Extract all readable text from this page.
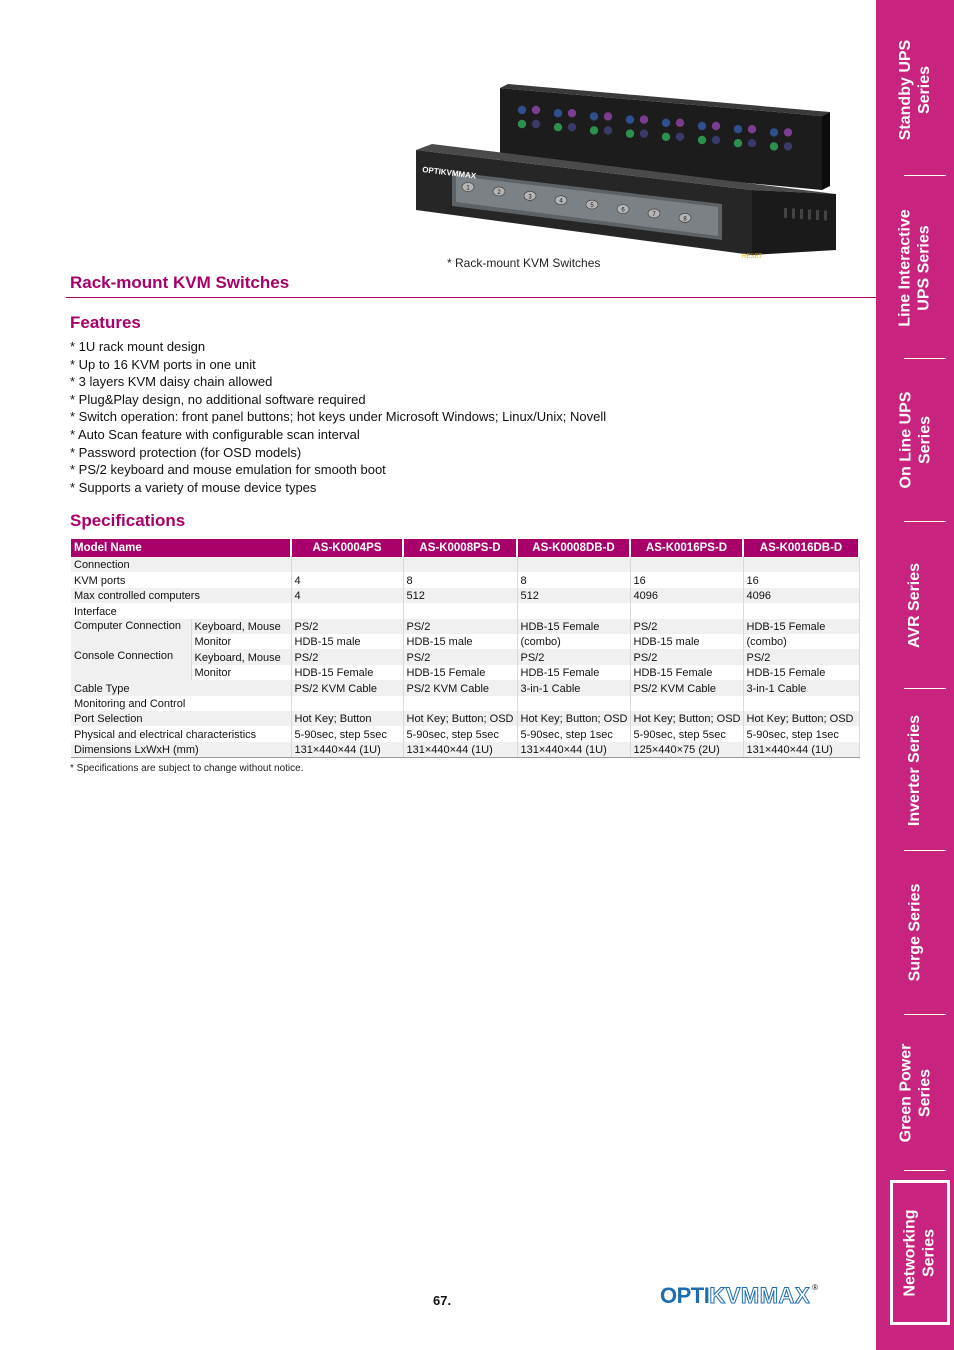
OPTIKVMMAX
1
2
3
4
5
6
7
8
RESET
* Rack-mount KVM Switches
Rack-mount KVM Switches
Features
* 1U rack mount design
* Up to 16 KVM ports in one unit
* 3 layers KVM daisy chain allowed
* Plug&Play design, no additional software required
* Switch operation: front panel buttons; hot keys under Microsoft Windows; Linux/Unix; Novell
* Auto Scan feature with configurable scan interval
* Password protection (for OSD models)
* PS/2 keyboard and mouse emulation for smooth boot
* Supports a variety of mouse device types
Specifications
Model Name		AS-K0004PS	AS-K0008PS-D	AS-K0008DB-D	AS-K0016PS-D	AS-K0016DB-D
Connection						
KVM ports		4	8	8	16	16
Max controlled computers		4	512	512	4096	4096
Interface						
Computer Connection	Keyboard, Mouse	PS/2	PS/2	HDB-15 Female	PS/2	HDB-15 Female
	Monitor	HDB-15 male	HDB-15 male	(combo)	HDB-15 male	(combo)
Console Connection	Keyboard, Mouse	PS/2	PS/2	PS/2	PS/2	PS/2
	Monitor	HDB-15 Female	HDB-15 Female	HDB-15 Female	HDB-15 Female	HDB-15 Female
Cable Type		PS/2 KVM Cable	PS/2 KVM Cable	3-in-1 Cable	PS/2 KVM Cable	3-in-1 Cable
Monitoring and Control						
Port Selection		Hot Key; Button	Hot Key; Button; OSD	Hot Key; Button; OSD	Hot Key; Button; OSD	Hot Key; Button; OSD
Physical and electrical characteristics		5-90sec, step 5sec	5-90sec, step 5sec	5-90sec, step 1sec	5-90sec, step 5sec	5-90sec, step 1sec
Dimensions LxWxH (mm)		131×440×44 (1U)	131×440×44 (1U)	131×440×44 (1U)	125×440×75 (2U)	131×440×44 (1U)
* Specifications are subject to change without notice.
67.	OPTIKVMMAX ®
Standby UPS Series
Line Interactive UPS Series
On Line UPS Series
AVR Series
Inverter Series
Surge Series
Green Power Series
Networking Series
